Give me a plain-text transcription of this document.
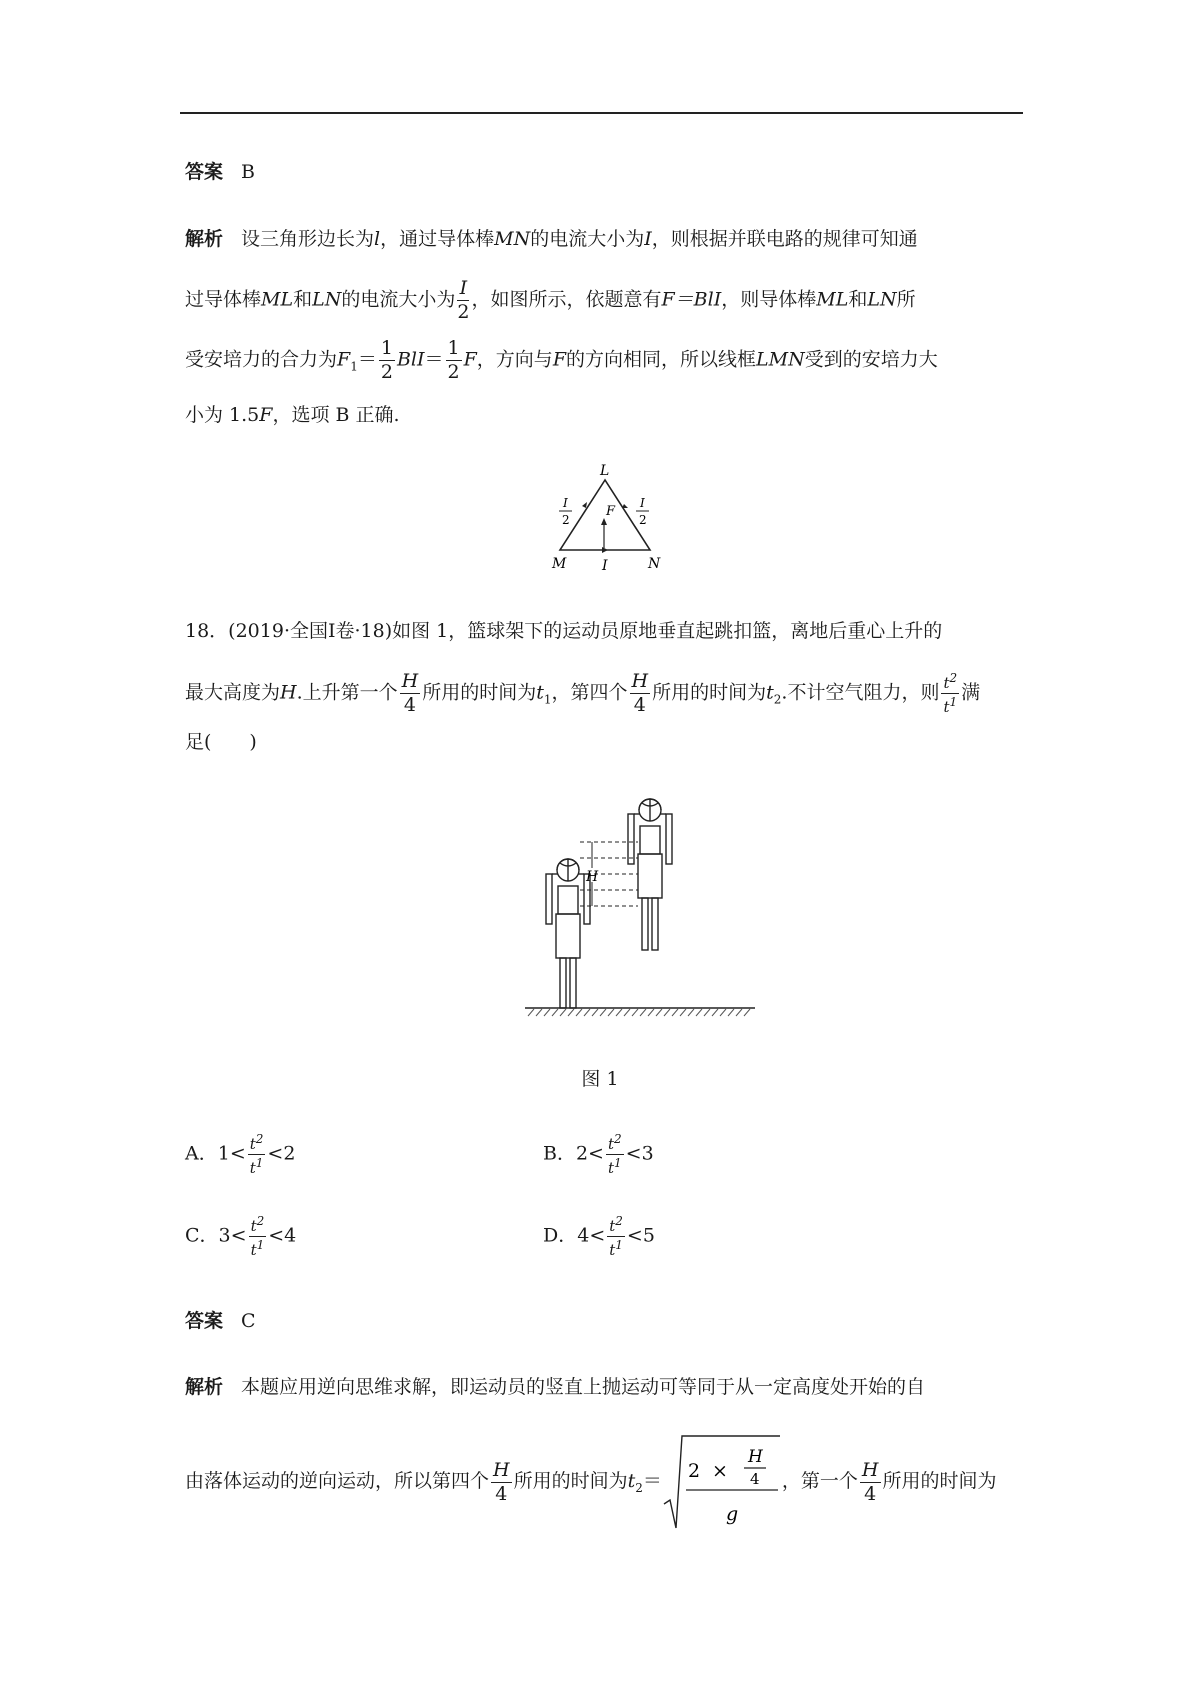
答案 B
解析 设三角形边长为l，通过导体棒MN的电流大小为I，则根据并联电路的规律可知通
过导体棒ML和LN的电流大小为 $\frac{I}{2}$ ，如图所示，依题意有F＝BlI，则导体棒ML和LN所
受安培力的合力为$F_1= \frac{1}{2} BlI= \frac{1}{2}$ F，方向与F的方向相同，所以线框LMN受到的安培力大
小为 1.5F，选项 B 正确.
L
M	N
I
F
I
2
I
2
18．(2019·全国Ⅰ卷·18)如图 1，篮球架下的运动员原地垂直起跳扣篮，离地后重心上升的
最大高度为H.上升第一个 $\frac{H}{4}$ 所用的时间为$t_1$，第四个 $\frac{H}{4}$ 所用的时间为$t_2$.不计空气阻力，则 $\frac{t^2}{t^1}$ 满
足(　　)
H
图 1
A．$1< \frac{t^2}{t^1} <2$	B．$2< \frac{t^2}{t^1} <3$
C．$3< \frac{t^2}{t^1} <4$	D．$4< \frac{t^2}{t^1} <5$
答案 C
解析 本题应用逆向思维求解，即运动员的竖直上抛运动可等同于从一定高度处开始的自
由落体运动的逆向运动，所以第四个 $\frac{H}{4}$ 所用的时间为$t_2= 2$ ×
H
4
g
，第一个 $\frac{H}{4}$ 所用的时间为
